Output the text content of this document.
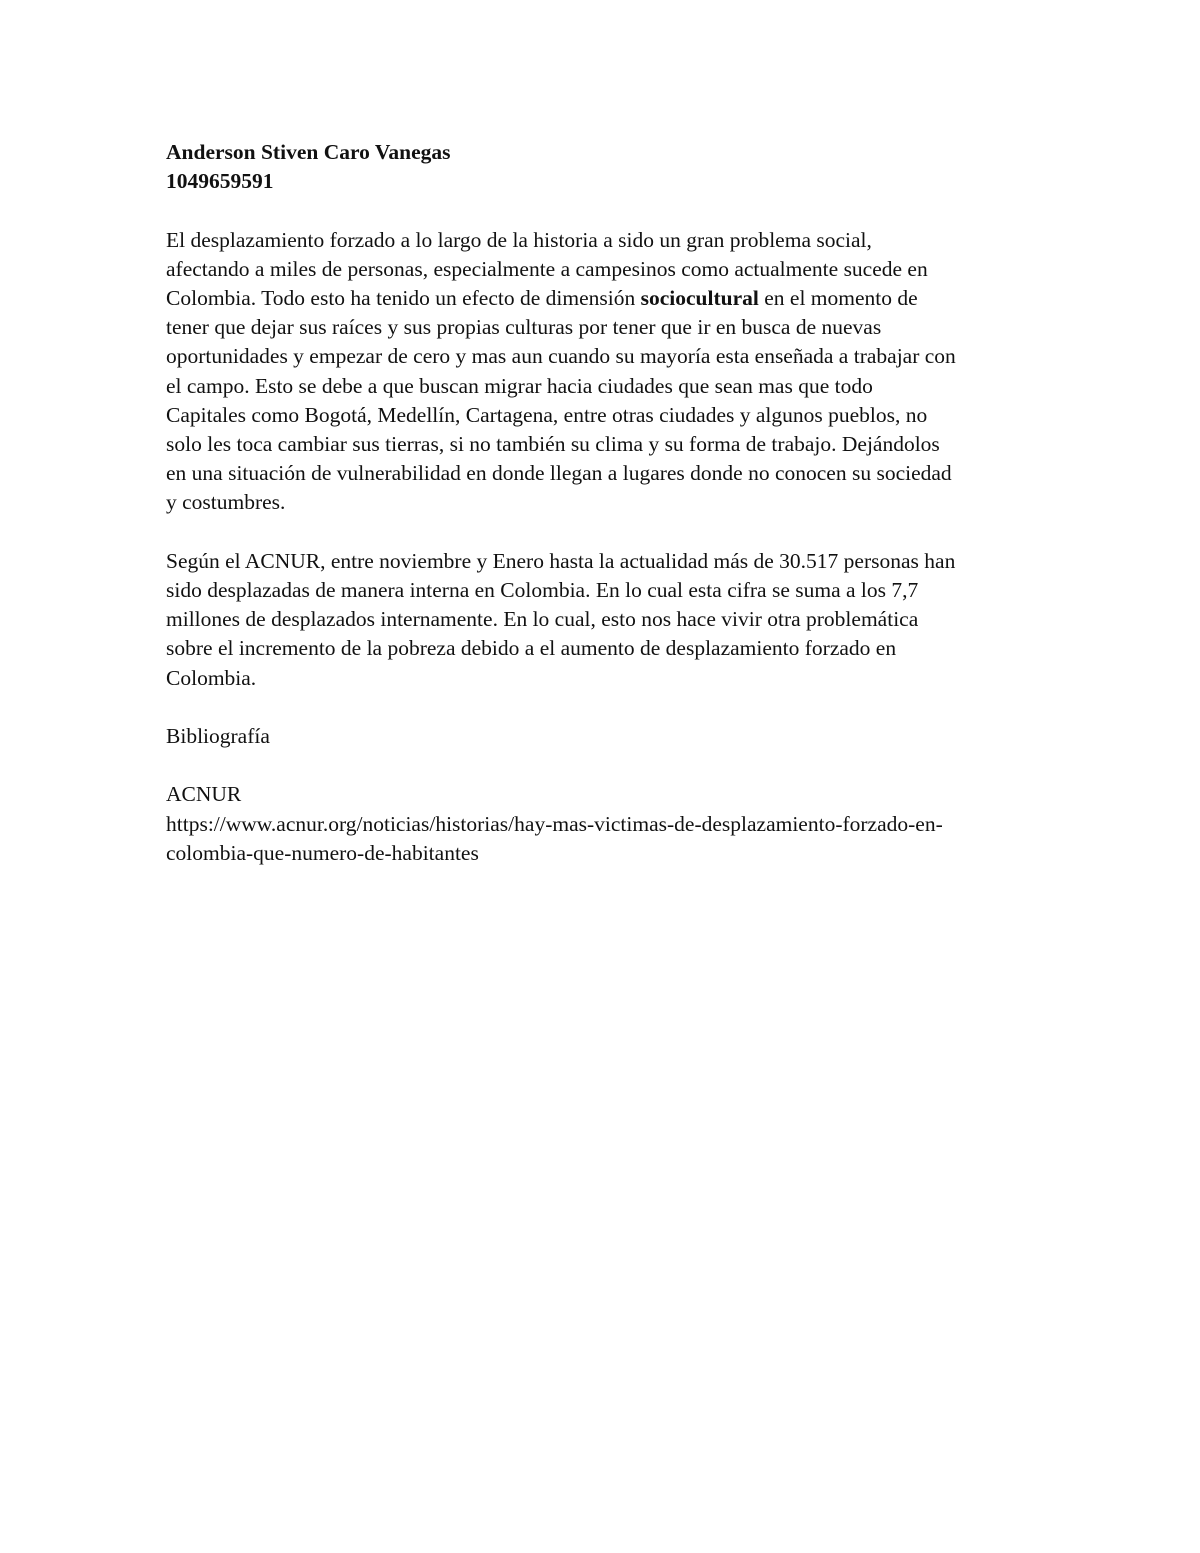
Anderson Stiven Caro Vanegas
1049659591
El desplazamiento forzado a lo largo de la historia a sido un gran problema social,
afectando a miles de personas, especialmente a campesinos como actualmente sucede en
Colombia. Todo esto ha tenido un efecto de dimensión sociocultural en el momento de
tener que dejar sus raíces y sus propias culturas por tener que ir en busca de nuevas
oportunidades y empezar de cero y mas aun cuando su mayoría esta enseñada a trabajar con
el campo. Esto se debe a que buscan migrar hacia ciudades que sean mas que todo
Capitales como Bogotá, Medellín, Cartagena, entre otras ciudades y algunos pueblos, no
solo les toca cambiar sus tierras, si no también su clima y su forma de trabajo. Dejándolos
en una situación de vulnerabilidad en donde llegan a lugares donde no conocen su sociedad
y costumbres.
Según el ACNUR, entre noviembre y Enero hasta la actualidad más de 30.517 personas han
sido desplazadas de manera interna en Colombia. En lo cual esta cifra se suma a los 7,7
millones de desplazados internamente. En lo cual, esto nos hace vivir otra problemática
sobre el incremento de la pobreza debido a el aumento de desplazamiento forzado en
Colombia.
Bibliografía
ACNUR
https://www.acnur.org/noticias/historias/hay-mas-victimas-de-desplazamiento-forzado-en-
colombia-que-numero-de-habitantes
